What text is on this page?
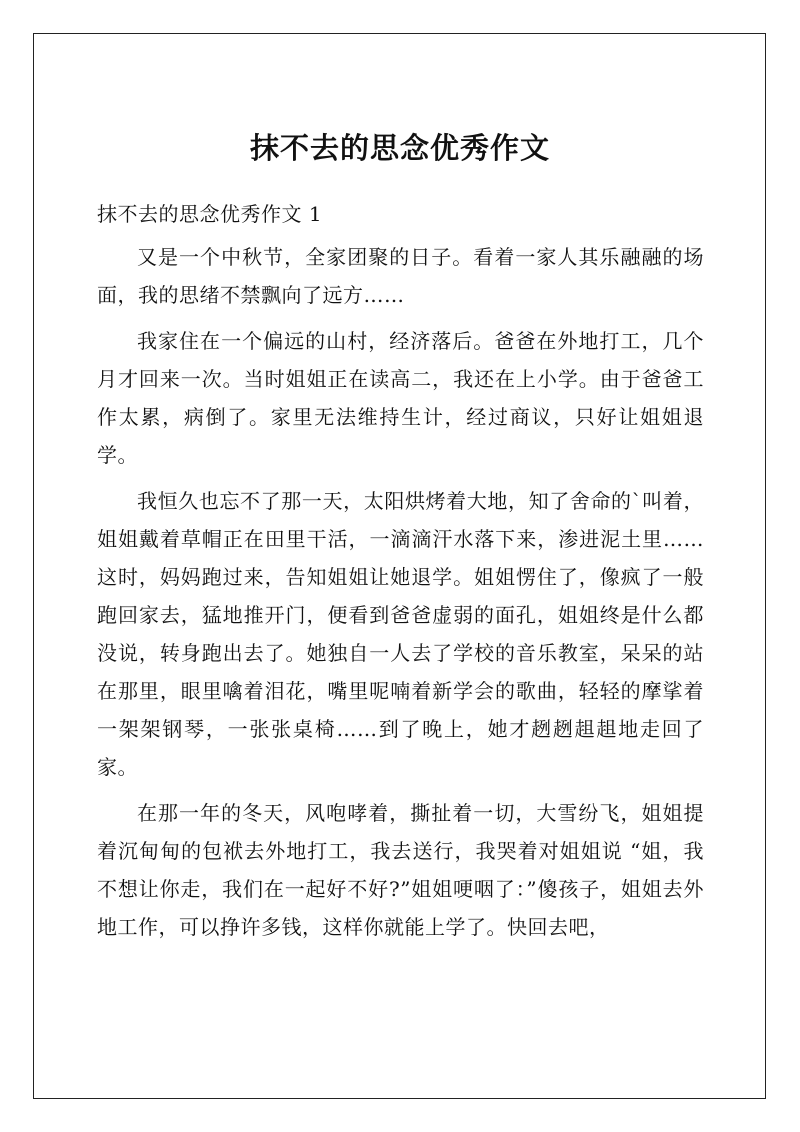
抹不去的思念优秀作文
抹不去的思念优秀作文 1

又是一个中秋节，全家团聚的日子。看着一家人其乐融融的场面，我的思绪不禁飘向了远方……

我家住在一个偏远的山村，经济落后。爸爸在外地打工，几个月才回来一次。当时姐姐正在读高二，我还在上小学。由于爸爸工作太累，病倒了。家里无法维持生计，经过商议，只好让姐姐退学。

我恒久也忘不了那一天，太阳烘烤着大地，知了舍命的`叫着，姐姐戴着草帽正在田里干活，一滴滴汗水落下来，渗进泥土里……这时，妈妈跑过来，告知姐姐让她退学。姐姐愣住了，像疯了一般跑回家去，猛地推开门，便看到爸爸虚弱的面孔，姐姐终是什么都没说，转身跑出去了。她独自一人去了学校的音乐教室，呆呆的站在那里，眼里噙着泪花，嘴里呢喃着新学会的歌曲，轻轻的摩挲着一架架钢琴，一张张桌椅……到了晚上，她才趔趔趄趄地走回了家。

在那一年的冬天，风咆哮着，撕扯着一切，大雪纷飞，姐姐提着沉甸甸的包袱去外地打工，我去送行，我哭着对姐姐说 “姐，我不想让你走，我们在一起好不好?”姐姐哽咽了：”傻孩子，姐姐去外地工作，可以挣许多钱，这样你就能上学了。快回去吧，
